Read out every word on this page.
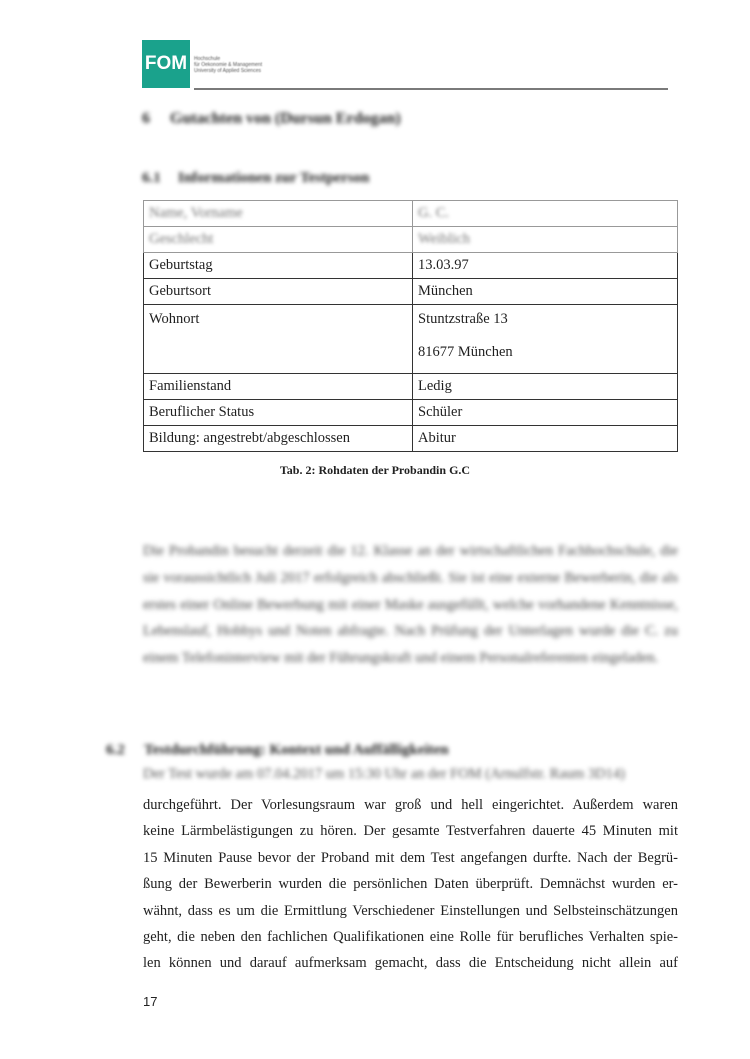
FOM Hochschule
für Oekonomie & Management
University of Applied Sciences
6 Gutachten von (Dursun Erdogan)
6.1 Informationen zur Testperson
Name, Vorname	G. C.
Geschlecht	Weiblich
Geburtstag	13.03.97
Geburtsort	München
Wohnort	Stuntzstraße 13
81677 München

Familienstand	Ledig
Beruflicher Status	Schüler
Bildung: angestrebt/abgeschlossen	Abitur
Tab. 2: Rohdaten der Probandin G.C
Die Probandin besucht derzeit die 12. Klasse an der wirtschaftlichen Fachhochschule, die sie voraussichtlich Juli 2017 erfolgreich abschließt. Sie ist eine externe Bewerberin, die als erstes einer Online Bewerbung mit einer Maske ausgefüllt, welche vorhandene Kenntnisse, Lebenslauf, Hobbys und Noten abfragte. Nach Prüfung der Unterlagen wurde die C. zu einem Telefoninterview mit der Führungskraft und einem Personalreferenten eingeladen.
6.2 Testdurchführung: Kontext und Auffälligkeiten
Der Test wurde am 07.04.2017 um 15:30 Uhr an der FOM (Arnulfstr. Raum 3D14)
durchgeführt. Der Vorlesungsraum war groß und hell eingerichtet. Außerdem waren
keine Lärmbelästigungen zu hören. Der gesamte Testverfahren dauerte 45 Minuten mit
15 Minuten Pause bevor der Proband mit dem Test angefangen durfte. Nach der Begrü-
ßung der Bewerberin wurden die persönlichen Daten überprüft. Demnächst wurden er-
wähnt, dass es um die Ermittlung Verschiedener Einstellungen und Selbsteinschätzungen
geht, die neben den fachlichen Qualifikationen eine Rolle für berufliches Verhalten spie-
len können und darauf aufmerksam gemacht, dass die Entscheidung nicht allein auf
17
